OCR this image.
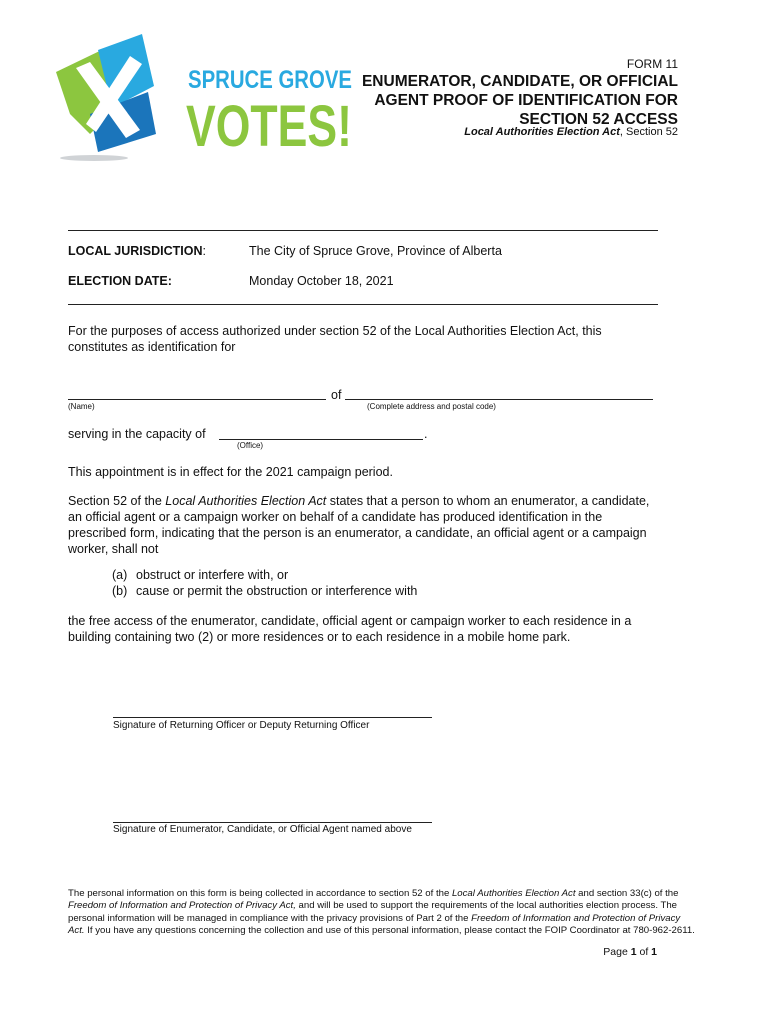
SPRUCE GROVE
VOTES!
FORM 11
ENUMERATOR, CANDIDATE, OR OFFICIAL
AGENT PROOF OF IDENTIFICATION FOR
SECTION 52 ACCESS
Local Authorities Election Act, Section 52
LOCAL JURISDICTION:	The City of Spruce Grove, Province of Alberta
ELECTION DATE:	Monday October 18, 2021
For the purposes of access authorized under section 52 of the Local Authorities Election Act, this constitutes as identification for
of
(Name)	(Complete address and postal code)
serving in the capacity of	.
(Office)
This appointment is in effect for the 2021 campaign period.
Section 52 of the Local Authorities Election Act states that a person to whom an enumerator, a candidate, an official agent or a campaign worker on behalf of a candidate has produced identification in the prescribed form, indicating that the person is an enumerator, a candidate, an official agent or a campaign worker, shall not
(a) obstruct or interfere with, or
(b) cause or permit the obstruction or interference with
the free access of the enumerator, candidate, official agent or campaign worker to each residence in a building containing two (2) or more residences or to each residence in a mobile home park.
Signature of Returning Officer or Deputy Returning Officer
Signature of Enumerator, Candidate, or Official Agent named above
The personal information on this form is being collected in accordance to section 52 of the Local Authorities Election Act and section 33(c) of the Freedom of Information and Protection of Privacy Act, and will be used to support the requirements of the local authorities election process. The personal information will be managed in compliance with the privacy provisions of Part 2 of the Freedom of Information and Protection of Privacy Act. If you have any questions concerning the collection and use of this personal information, please contact the FOIP Coordinator at 780-962-2611.
Page 1 of 1
